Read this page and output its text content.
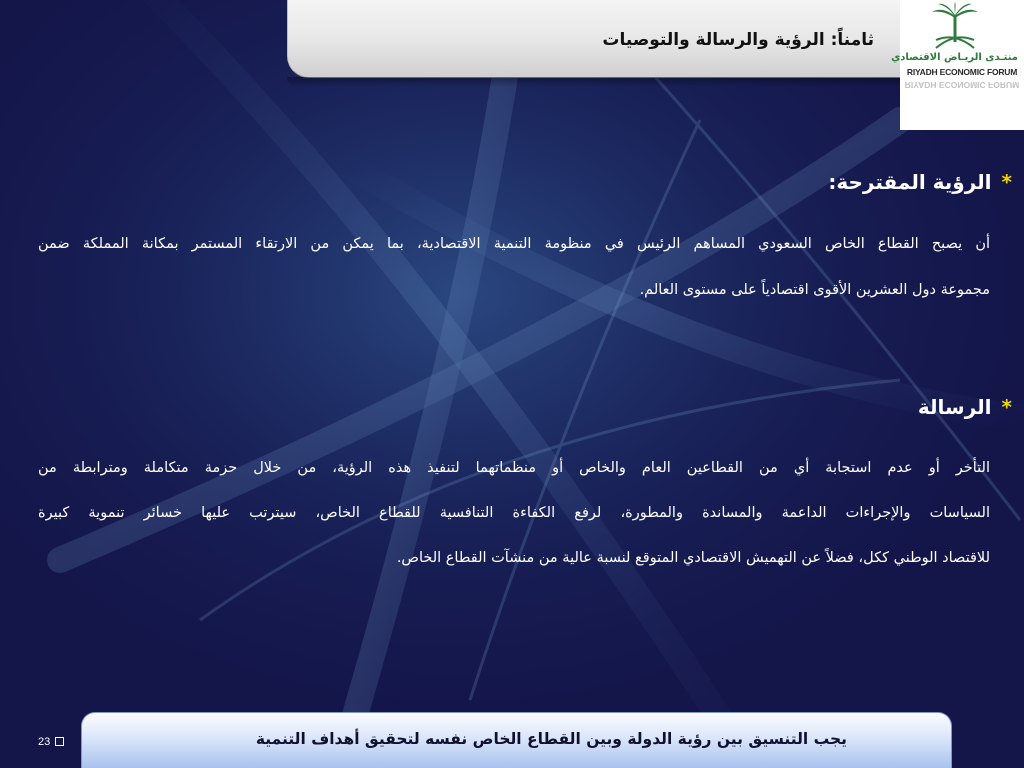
ثامناً: الرؤية والرسالة والتوصيات
منتـدى الريـاض الاقتصادي
RIYADH ECONOMIC FORUM
RIYADH ECONOMIC FORUM
*الرؤية المقترحة:
أن يصبح القطاع الخاص السعودي المساهم الرئيس في منظومة التنمية الاقتصادية، بما يمكن من الارتقاء المستمر بمكانة المملكة ضمن
مجموعة دول العشرين الأقوى اقتصادياً على مستوى العالم.
*الرسالة
التأخر أو عدم استجابة أي من القطاعين العام والخاص أو منظماتهما لتنفيذ هذه الرؤية، من خلال حزمة متكاملة ومترابطة من
السياسات والإجراءات الداعمة والمساندة والمطورة، لرفع الكفاءة التنافسية للقطاع الخاص، سيترتب عليها خسائر تنموية كبيرة
للاقتصاد الوطني ككل، فضلاً عن التهميش الاقتصادي المتوقع لنسبة عالية من منشآت القطاع الخاص.
يجب التنسيق بين رؤية الدولة وبين القطاع الخاص نفسه لتحقيق أهداف التنمية
23
